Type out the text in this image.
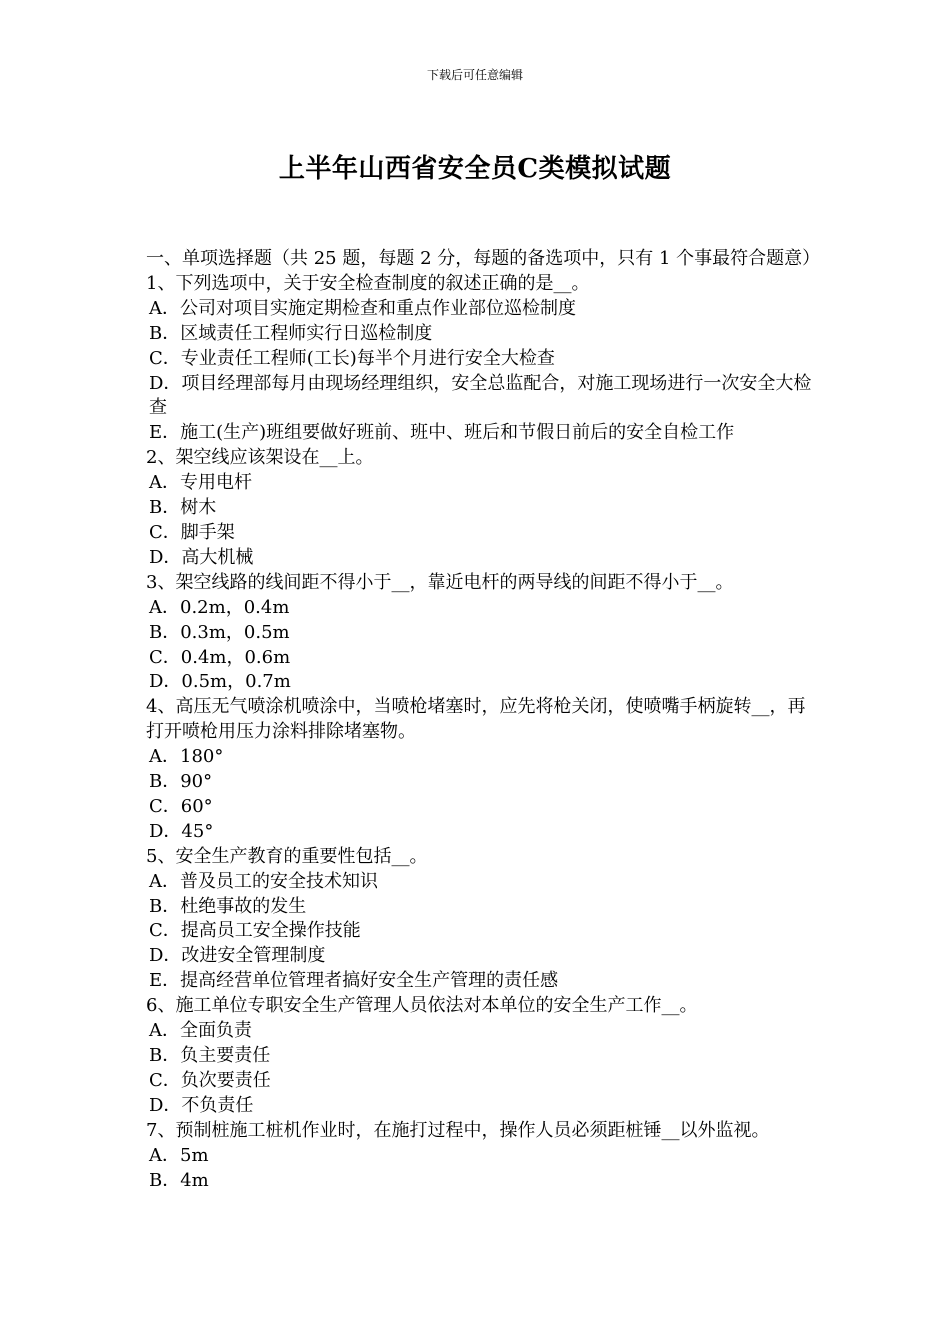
下载后可任意编辑
上半年山西省安全员C类模拟试题
一、单项选择题（共 25 题，每题 2 分，每题的备选项中，只有 1 个事最符合题意）
1、下列选项中，关于安全检查制度的叙述正确的是__。
A．公司对项目实施定期检查和重点作业部位巡检制度
B．区域责任工程师实行日巡检制度
C．专业责任工程师(工长)每半个月进行安全大检查
D．项目经理部每月由现场经理组织，安全总监配合，对施工现场进行一次安全大检查
E．施工(生产)班组要做好班前、班中、班后和节假日前后的安全自检工作
2、架空线应该架设在__上。
A．专用电杆
B．树木
C．脚手架
D．高大机械
3、架空线路的线间距不得小于__，靠近电杆的两导线的间距不得小于__。
A．0.2m，0.4m
B．0.3m，0.5m
C．0.4m，0.6m
D．0.5m，0.7m
4、高压无气喷涂机喷涂中，当喷枪堵塞时，应先将枪关闭，使喷嘴手柄旋转__，再打开喷枪用压力涂料排除堵塞物。
A．180°
B．90°
C．60°
D．45°
5、安全生产教育的重要性包括__。
A．普及员工的安全技术知识
B．杜绝事故的发生
C．提高员工安全操作技能
D．改进安全管理制度
E．提高经营单位管理者搞好安全生产管理的责任感
6、施工单位专职安全生产管理人员依法对本单位的安全生产工作__。
A．全面负责
B．负主要责任
C．负次要责任
D．不负责任
7、预制桩施工桩机作业时，在施打过程中，操作人员必须距桩锤__以外监视。
A．5m
B．4m
